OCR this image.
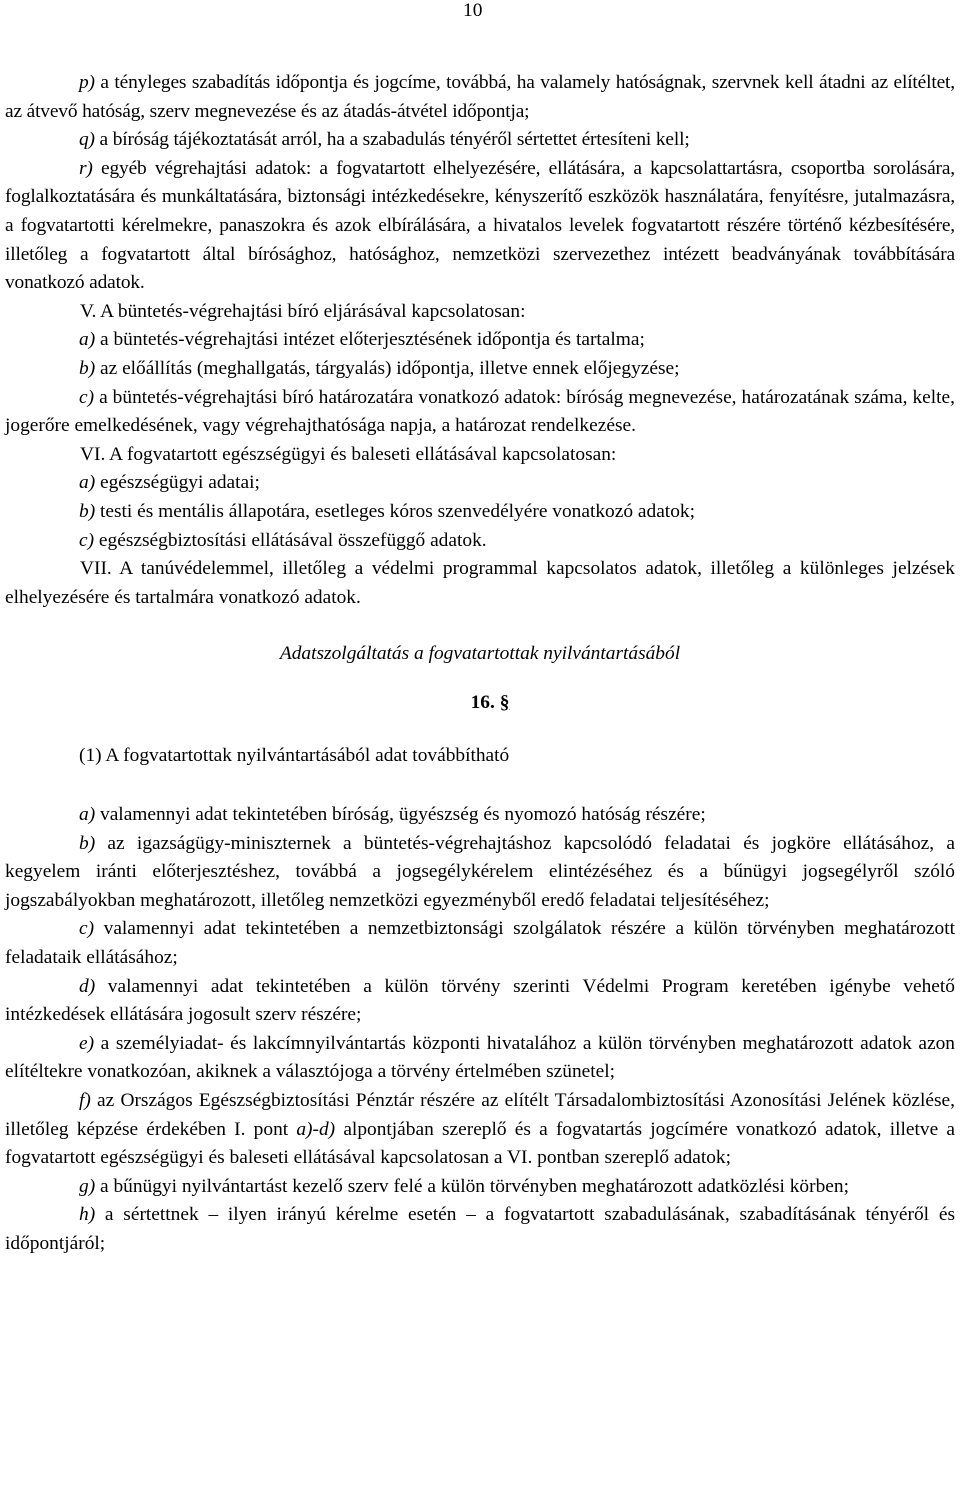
10

p) a tényleges szabadítás időpontja és jogcíme, továbbá, ha valamely hatóságnak, szervnek kell átadni az elítéltet, az átvevő hatóság, szerv megnevezése és az átadás-átvétel időpontja;

q) a bíróság tájékoztatását arról, ha a szabadulás tényéről sértettet értesíteni kell;

r) egyéb végrehajtási adatok: a fogvatartott elhelyezésére, ellátására, a kapcsolattartásra, csoportba sorolására, foglalkoztatására és munkáltatására, biztonsági intézkedésekre, kényszerítő eszközök használatára, fenyítésre, jutalmazásra, a fogvatartotti kérelmekre, panaszokra és azok elbírálására, a hivatalos levelek fogvatartott részére történő kézbesítésére, illetőleg a fogvatartott által bírósághoz, hatósághoz, nemzetközi szervezethez intézett beadványának továbbítására vonatkozó adatok.

V. A büntetés-végrehajtási bíró eljárásával kapcsolatosan:

a) a büntetés-végrehajtási intézet előterjesztésének időpontja és tartalma;

b) az előállítás (meghallgatás, tárgyalás) időpontja, illetve ennek előjegyzése;

c) a büntetés-végrehajtási bíró határozatára vonatkozó adatok: bíróság megnevezése, határozatának száma, kelte, jogerőre emelkedésének, vagy végrehajthatósága napja, a határozat rendelkezése.

VI. A fogvatartott egészségügyi és baleseti ellátásával kapcsolatosan:

a) egészségügyi adatai;

b) testi és mentális állapotára, esetleges kóros szenvedélyére vonatkozó adatok;

c) egészségbiztosítási ellátásával összefüggő adatok.

VII. A tanúvédelemmel, illetőleg a védelmi programmal kapcsolatos adatok, illetőleg a különleges jelzések elhelyezésére és tartalmára vonatkozó adatok.

Adatszolgáltatás a fogvatartottak nyilvántartásából

16. §

(1) A fogvatartottak nyilvántartásából adat továbbítható

a) valamennyi adat tekintetében bíróság, ügyészség és nyomozó hatóság részére;

b) az igazságügy-miniszternek a büntetés-végrehajtáshoz kapcsolódó feladatai és jogköre ellátásához, a kegyelem iránti előterjesztéshez, továbbá a jogsegélykérelem elintézéséhez és a bűnügyi jogsegélyről szóló jogszabályokban meghatározott, illetőleg nemzetközi egyezményből eredő feladatai teljesítéséhez;

c) valamennyi adat tekintetében a nemzetbiztonsági szolgálatok részére a külön törvényben meghatározott feladataik ellátásához;

d) valamennyi adat tekintetében a külön törvény szerinti Védelmi Program keretében igénybe vehető intézkedések ellátására jogosult szerv részére;

e) a személyiadat- és lakcímnyilvántartás központi hivatalához a külön törvényben meghatározott adatok azon elítéltekre vonatkozóan, akiknek a választójoga a törvény értelmében szünetel;

f) az Országos Egészségbiztosítási Pénztár részére az elítélt Társadalombiztosítási Azonosítási Jelének közlése, illetőleg képzése érdekében I. pont a)-d) alpontjában szereplő és a fogvatartás jogcímére vonatkozó adatok, illetve a fogvatartott egészségügyi és baleseti ellátásával kapcsolatosan a VI. pontban szereplő adatok;

g) a bűnügyi nyilvántartást kezelő szerv felé a külön törvényben meghatározott adatközlési körben;

h) a sértettnek – ilyen irányú kérelme esetén – a fogvatartott szabadulásának, szabadításának tényéről és időpontjáról;
